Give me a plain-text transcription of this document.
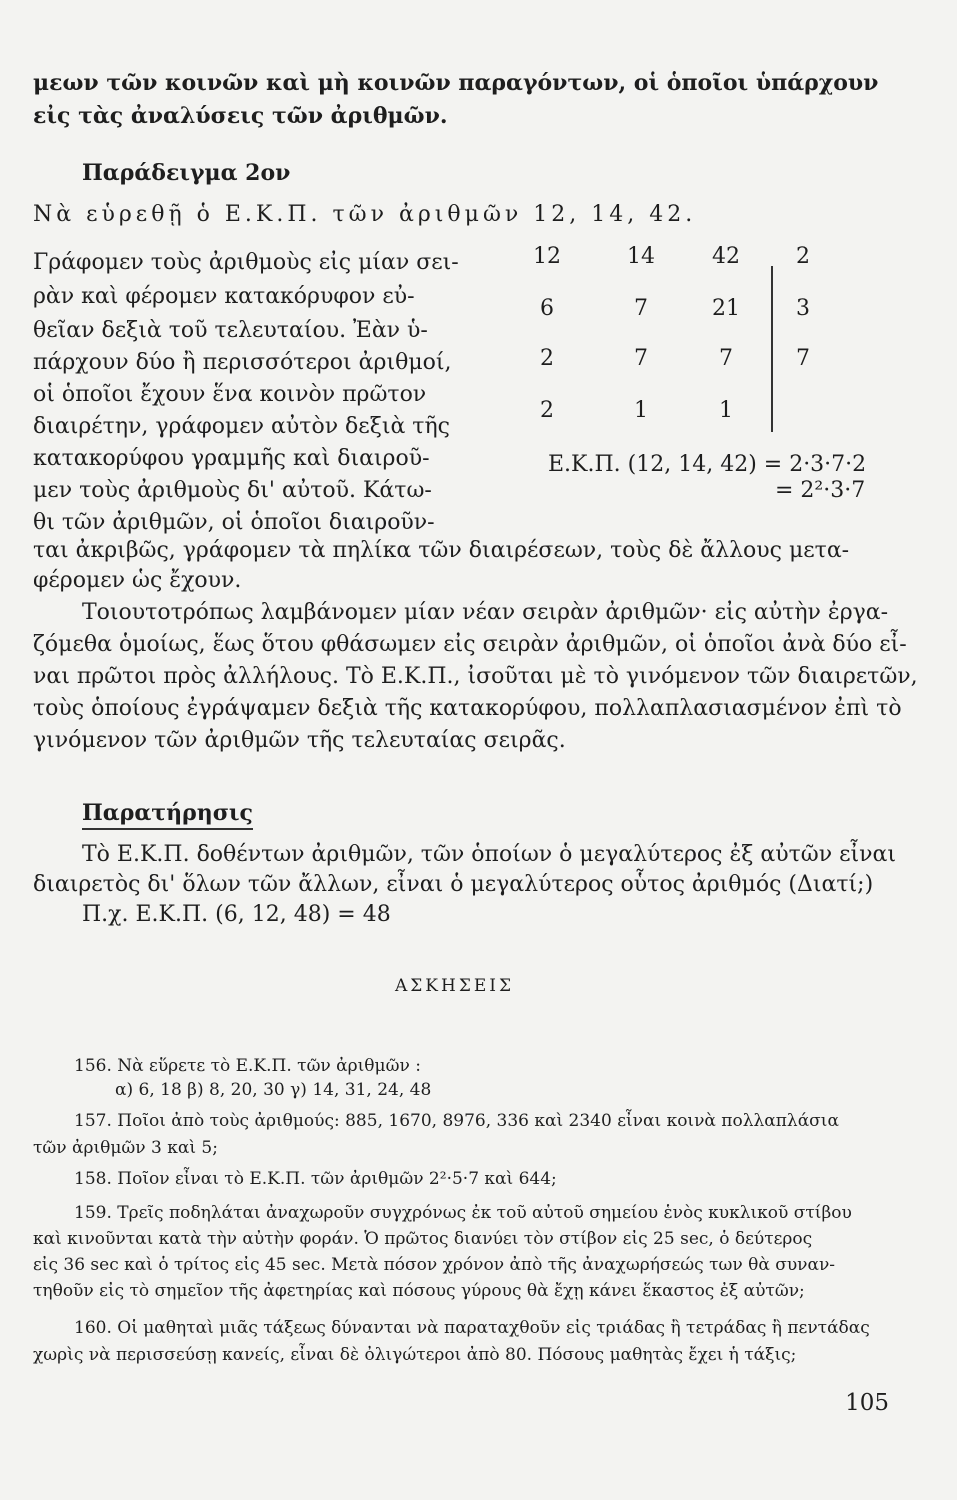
μεων τῶν κοινῶν καὶ μὴ κοινῶν παραγόντων, οἱ ὁποῖοι ὑπάρχουν
εἰς τὰς ἀναλύσεις τῶν ἀριθμῶν.
Παράδειγμα 2ον
Νὰ εὑρεθῇ ὁ Ε.Κ.Π. τῶν ἀριθμῶν 12, 14, 42.
Γράφομεν τοὺς ἀριθμοὺς εἰς μίαν σει-
ρὰν καὶ φέρομεν κατακόρυφον εὐ-
θεῖαν δεξιὰ τοῦ τελευταίου. Ἐὰν ὑ-
πάρχουν δύο ἢ περισσότεροι ἀριθμοί,
οἱ ὁποῖοι ἔχουν ἕνα κοινὸν πρῶτον
διαιρέτην, γράφομεν αὐτὸν δεξιὰ τῆς
κατακορύφου γραμμῆς καὶ διαιροῦ-
μεν τοὺς ἀριθμοὺς δι' αὐτοῦ. Κάτω-
θι τῶν ἀριθμῶν, οἱ ὁποῖοι διαιροῦν-
12	14	42	2
6	7	21	3
2	7	7	7
2	1	1
Ε.Κ.Π. (12, 14, 42) = 2·3·7·2
= 2²·3·7
ται ἀκριβῶς, γράφομεν τὰ πηλίκα τῶν διαιρέσεων, τοὺς δὲ ἄλλους μετα-
φέρομεν ὡς ἔχουν.
Τοιουτοτρόπως λαμβάνομεν μίαν νέαν σειρὰν ἀριθμῶν· εἰς αὐτὴν ἐργα-
ζόμεθα ὁμοίως, ἕως ὅτου φθάσωμεν εἰς σειρὰν ἀριθμῶν, οἱ ὁποῖοι ἀνὰ δύο εἶ-
ναι πρῶτοι πρὸς ἀλλήλους. Τὸ Ε.Κ.Π., ἰσοῦται μὲ τὸ γινόμενον τῶν διαιρετῶν,
τοὺς ὁποίους ἐγράψαμεν δεξιὰ τῆς κατακορύφου, πολλαπλασιασμένον ἐπὶ τὸ
γινόμενον τῶν ἀριθμῶν τῆς τελευταίας σειρᾶς.
Παρατήρησις
Τὸ Ε.Κ.Π. δοθέντων ἀριθμῶν, τῶν ὁποίων ὁ μεγαλύτερος ἐξ αὐτῶν εἶναι
διαιρετὸς δι' ὅλων τῶν ἄλλων, εἶναι ὁ μεγαλύτερος οὗτος ἀριθμός (Διατί;)
Π.χ. Ε.Κ.Π. (6, 12, 48) = 48
ΑΣΚΗΣΕΙΣ
156. Νὰ εὕρετε τὸ Ε.Κ.Π. τῶν ἀριθμῶν :
α) 6, 18 β) 8, 20, 30 γ) 14, 31, 24, 48
157. Ποῖοι ἀπὸ τοὺς ἀριθμούς: 885, 1670, 8976, 336 καὶ 2340 εἶναι κοινὰ πολλαπλάσια
τῶν ἀριθμῶν 3 καὶ 5;
158. Ποῖον εἶναι τὸ Ε.Κ.Π. τῶν ἀριθμῶν 2²·5·7 καὶ 644;
159. Τρεῖς ποδηλάται ἀναχωροῦν συγχρόνως ἐκ τοῦ αὐτοῦ σημείου ἑνὸς κυκλικοῦ στίβου
καὶ κινοῦνται κατὰ τὴν αὐτὴν φοράν. Ὁ πρῶτος διανύει τὸν στίβον εἰς 25 sec, ὁ δεύτερος
εἰς 36 sec καὶ ὁ τρίτος εἰς 45 sec. Μετὰ πόσον χρόνον ἀπὸ τῆς ἀναχωρήσεώς των θὰ συναν-
τηθοῦν εἰς τὸ σημεῖον τῆς ἀφετηρίας καὶ πόσους γύρους θὰ ἔχῃ κάνει ἕκαστος ἐξ αὐτῶν;
160. Οἱ μαθηταὶ μιᾶς τάξεως δύνανται νὰ παραταχθοῦν εἰς τριάδας ἢ τετράδας ἢ πεντάδας
χωρὶς νὰ περισσεύσῃ κανείς, εἶναι δὲ ὀλιγώτεροι ἀπὸ 80. Πόσους μαθητὰς ἔχει ἡ τάξις;
105
